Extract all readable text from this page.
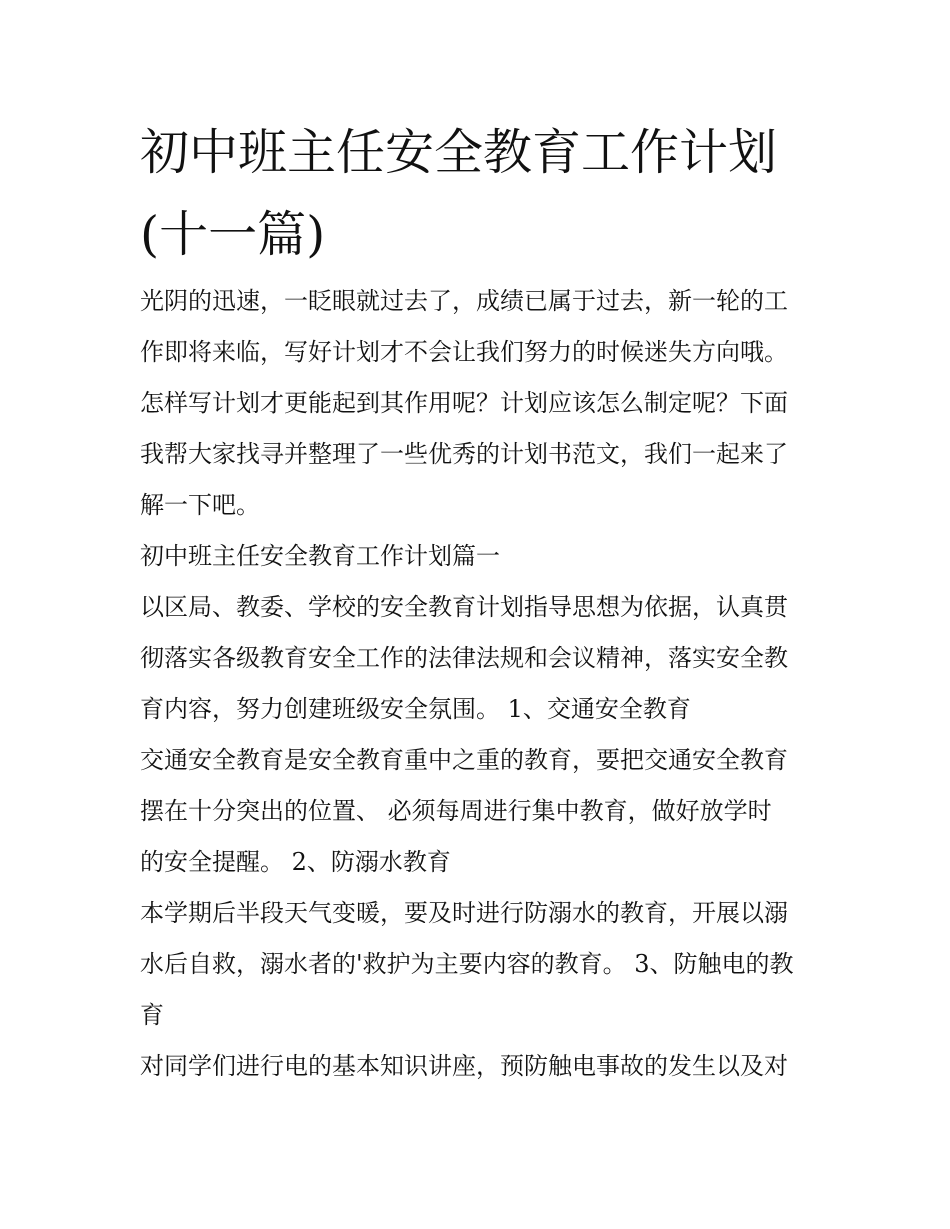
初中班主任安全教育工作计划
(十一篇)
光阴的迅速，一眨眼就过去了，成绩已属于过去，新一轮的工
作即将来临，写好计划才不会让我们努力的时候迷失方向哦。
怎样写计划才更能起到其作用呢？计划应该怎么制定呢？下面
我帮大家找寻并整理了一些优秀的计划书范文，我们一起来了
解一下吧。
初中班主任安全教育工作计划篇一
以区局、教委、学校的安全教育计划指导思想为依据，认真贯
彻落实各级教育安全工作的法律法规和会议精神，落实安全教
育内容，努力创建班级安全氛围。 1、交通安全教育
交通安全教育是安全教育重中之重的教育，要把交通安全教育
摆在十分突出的位置、 必须每周进行集中教育，做好放学时
的安全提醒。 2、防溺水教育
本学期后半段天气变暖，要及时进行防溺水的教育，开展以溺
水后自救，溺水者的'救护为主要内容的教育。 3、防触电的教
育
对同学们进行电的基本知识讲座，预防触电事故的发生以及对
